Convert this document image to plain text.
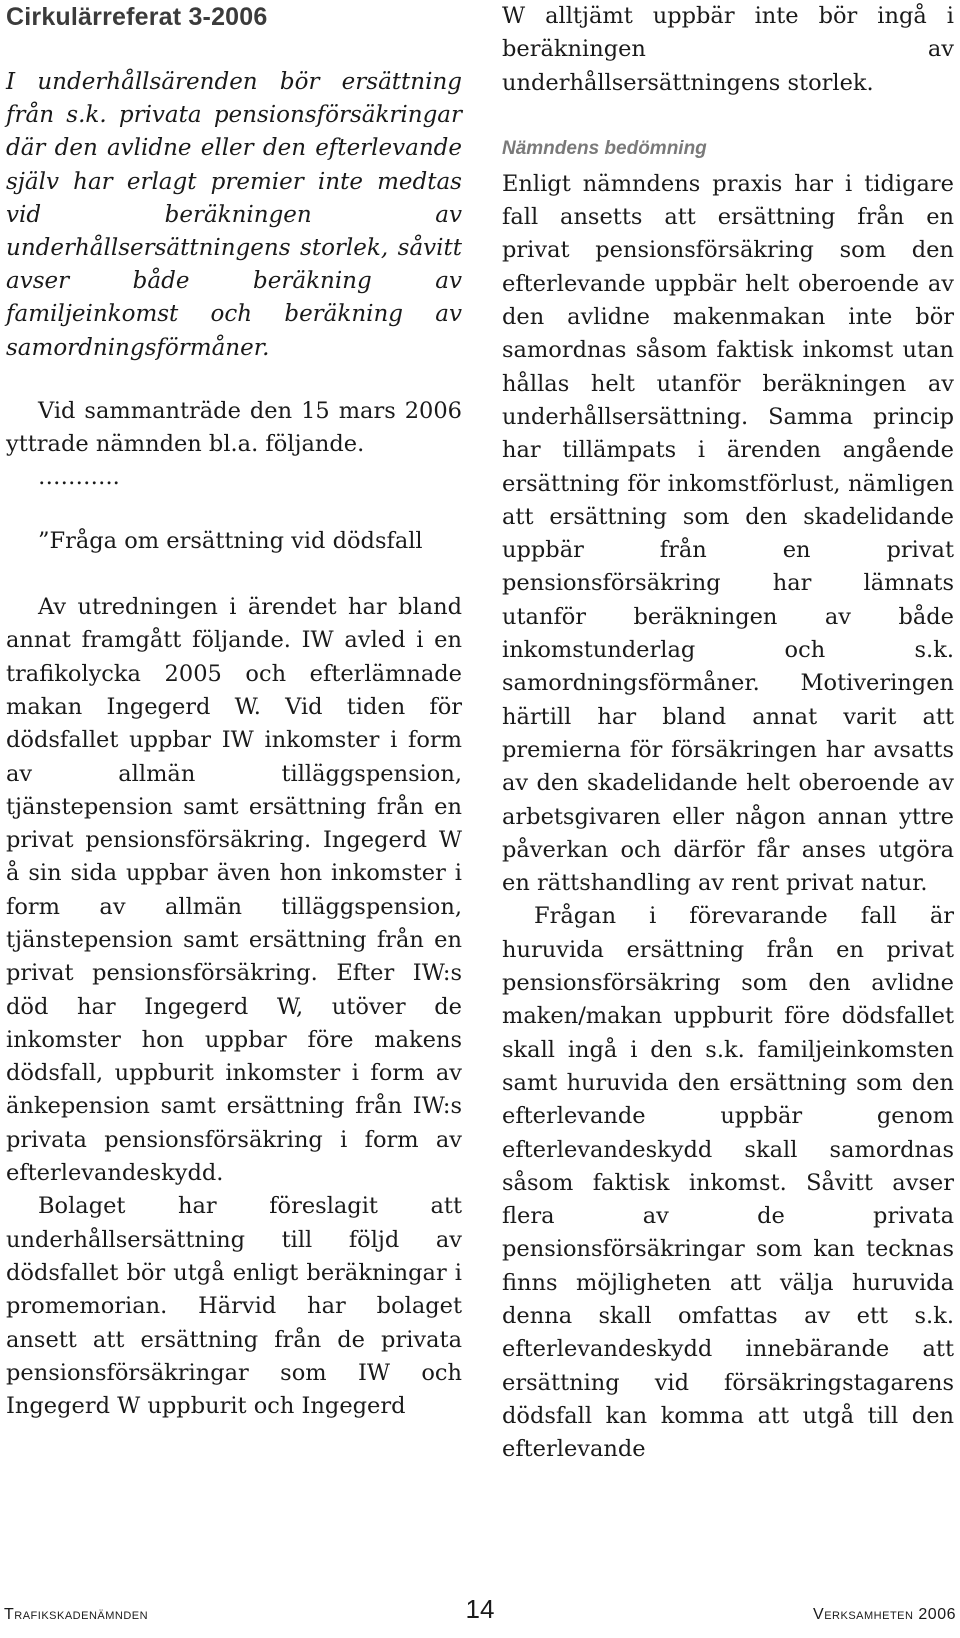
Cirkulärreferat 3-2006

I underhållsärenden bör ersättning från s.k. privata pensionsförsäkringar där den avlidne eller den efterlevande själv har erlagt premier inte medtas vid beräkningen av underhållsersättningens storlek, såvitt avser både beräkning av familjeinkomst och beräkning av samordningsförmåner.

Vid sammanträde den 15 mars 2006 yttrade nämnden bl.a. följande.

………..

”Fråga om ersättning vid dödsfall

Av utredningen i ärendet har bland annat framgått följande. IW avled i en trafikolycka 2005 och efterlämnade makan Ingegerd W. Vid tiden för dödsfallet uppbar IW inkomster i form av allmän tilläggspension, tjänstepension samt ersättning från en privat pensionsförsäkring. Ingegerd W å sin sida uppbar även hon inkomster i form av allmän tilläggspension, tjänstepension samt ersättning från en privat pensionsförsäkring. Efter IW:s död har Ingegerd W, utöver de inkomster hon uppbar före makens dödsfall, uppburit inkomster i form av änkepension samt ersättning från IW:s privata pensionsförsäkring i form av efterlevandeskydd.

Bolaget har föreslagit att underhållsersättning till följd av dödsfallet bör utgå enligt beräkningar i promemorian. Härvid har bolaget ansett att ersättning från de privata pensionsförsäkringar som IW och Ingegerd W uppburit och Ingegerd

W alltjämt uppbär inte bör ingå i beräkningen av underhållsersättningens storlek.

Nämndens bedömning

Enligt nämndens praxis har i tidigare fall ansetts att ersättning från en privat pensionsförsäkring som den efterlevande uppbär helt oberoende av den avlidne makenmakan inte bör samordnas såsom faktisk inkomst utan hållas helt utanför beräkningen av underhållsersättning. Samma princip har tillämpats i ärenden angående ersättning för inkomstförlust, nämligen att ersättning som den skadelidande uppbär från en privat pensionsförsäkring har lämnats utanför beräkningen av både inkomstunderlag och s.k. samordningsförmåner. Motiveringen härtill har bland annat varit att premierna för försäkringen har avsatts av den skadelidande helt oberoende av arbetsgivaren eller någon annan yttre påverkan och därför får anses utgöra en rättshandling av rent privat natur.

Frågan i förevarande fall är huruvida ersättning från en privat pensionsförsäkring som den avlidne maken/makan uppburit före dödsfallet skall ingå i den s.k. familjeinkomsten samt huruvida den ersättning som den efterlevande uppbär genom efterlevandeskydd skall samordnas såsom faktisk inkomst. Såvitt avser flera av de privata pensionsförsäkringar som kan tecknas finns möjligheten att välja huruvida denna skall omfattas av ett s.k. efterlevandeskydd innebärande att ersättning vid försäkringstagarens dödsfall kan komma att utgå till den efterlevande

Trafikskadenämnden	14	Verksamheten 2006
